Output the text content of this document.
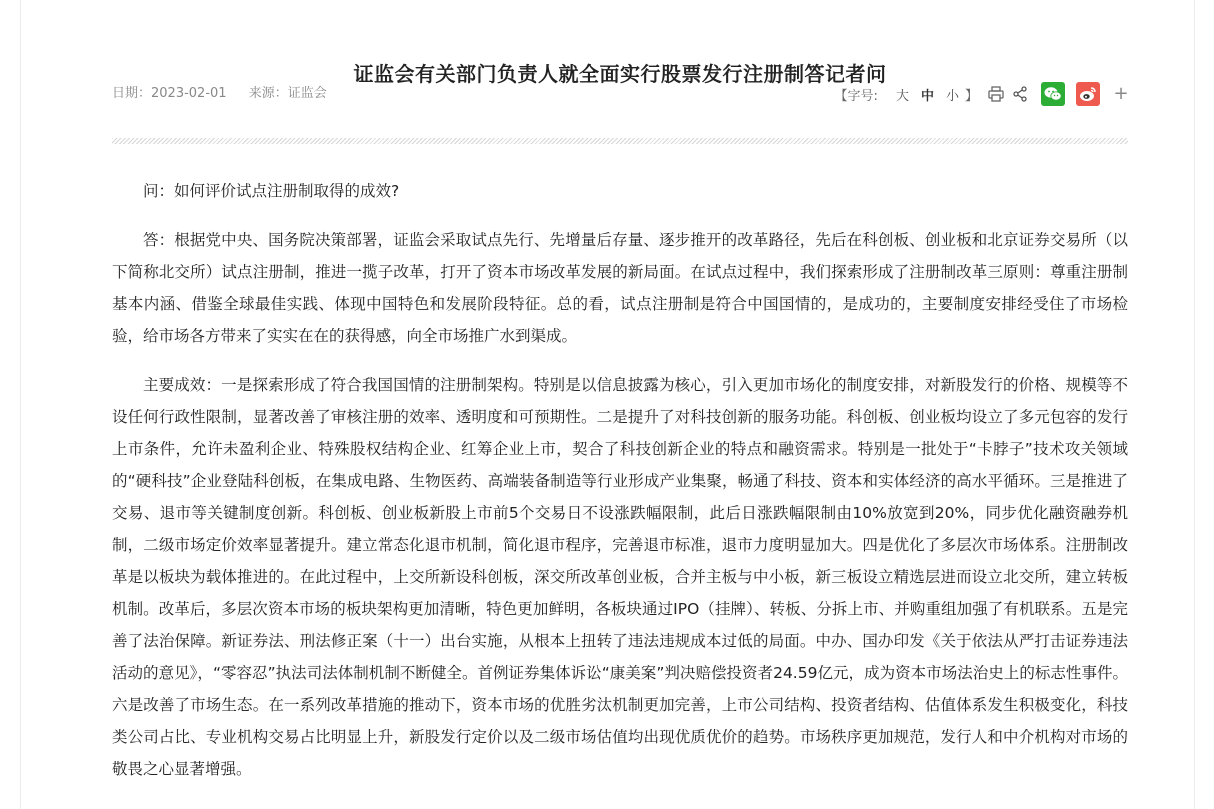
证监会有关部门负责人就全面实行股票发行注册制答记者问
日期：2023-02-01 来源：证监会	【字号: 大 中 小 】	+

问：如何评价试点注册制取得的成效?

答：根据党中央、国务院决策部署，证监会采取试点先行、先增量后存量、逐步推开的改革路径，先后在科创板、创业板和北京证券交易所（以下简称北交所）试点注册制，推进一揽子改革，打开了资本市场改革发展的新局面。在试点过程中，我们探索形成了注册制改革三原则：尊重注册制基本内涵、借鉴全球最佳实践、体现中国特色和发展阶段特征。总的看，试点注册制是符合中国国情的，是成功的，主要制度安排经受住了市场检验，给市场各方带来了实实在在的获得感，向全市场推广水到渠成。

主要成效：一是探索形成了符合我国国情的注册制架构。特别是以信息披露为核心，引入更加市场化的制度安排，对新股发行的价格、规模等不设任何行政性限制，显著改善了审核注册的效率、透明度和可预期性。二是提升了对科技创新的服务功能。科创板、创业板均设立了多元包容的发行上市条件，允许未盈利企业、特殊股权结构企业、红筹企业上市，契合了科技创新企业的特点和融资需求。特别是一批处于“卡脖子”技术攻关领域的“硬科技”企业登陆科创板，在集成电路、生物医药、高端装备制造等行业形成产业集聚，畅通了科技、资本和实体经济的高水平循环。三是推进了交易、退市等关键制度创新。科创板、创业板新股上市前5个交易日不设涨跌幅限制，此后日涨跌幅限制由10%放宽到20%，同步优化融资融券机制，二级市场定价效率显著提升。建立常态化退市机制，简化退市程序，完善退市标准，退市力度明显加大。四是优化了多层次市场体系。注册制改革是以板块为载体推进的。在此过程中，上交所新设科创板，深交所改革创业板，合并主板与中小板，新三板设立精选层进而设立北交所，建立转板机制。改革后，多层次资本市场的板块架构更加清晰，特色更加鲜明，各板块通过IPO（挂牌）、转板、分拆上市、并购重组加强了有机联系。五是完善了法治保障。新证券法、刑法修正案（十一）出台实施，从根本上扭转了违法违规成本过低的局面。中办、国办印发《关于依法从严打击证券违法活动的意见》，“零容忍”执法司法体制机制不断健全。首例证券集体诉讼“康美案”判决赔偿投资者24.59亿元，成为资本市场法治史上的标志性事件。六是改善了市场生态。在一系列改革措施的推动下，资本市场的优胜劣汰机制更加完善，上市公司结构、投资者结构、估值体系发生积极变化，科技类公司占比、专业机构交易占比明显上升，新股发行定价以及二级市场估值均出现优质优价的趋势。市场秩序更加规范，发行人和中介机构对市场的敬畏之心显著增强。
